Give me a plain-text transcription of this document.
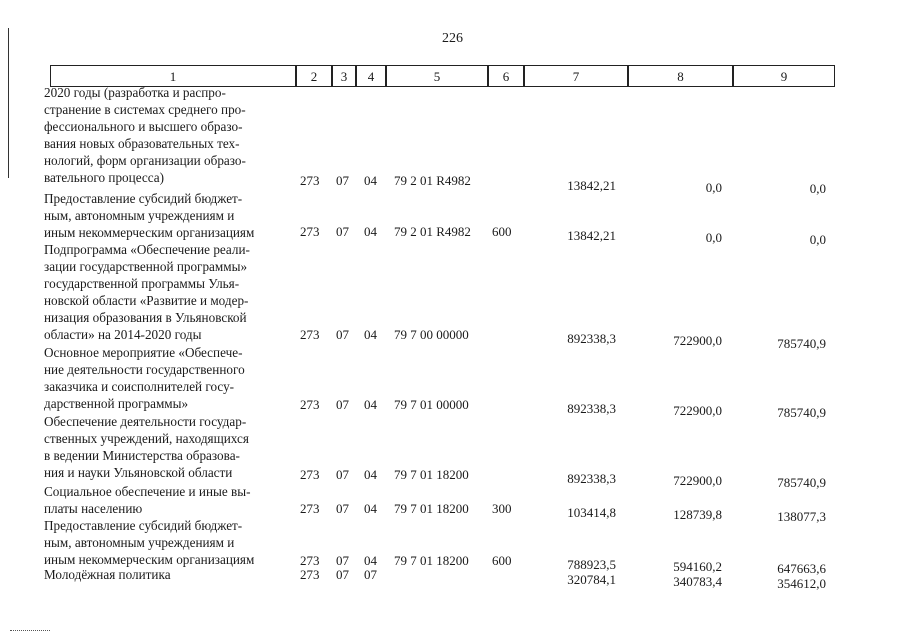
226
1	2	3	4	5	6	7	8	9
2020 годы (разработка и распро-
странение в системах среднего про-
фессионального и высшего образо-
вания новых образовательных тех-
нологий, форм организации образо-
вательного процесса)	273 07 04 79 2 01 R4982	13842,21	0,0	0,0
Предоставление субсидий бюджет-
ным, автономным учреждениям и
иным некоммерческим организациям	273 07 04 79 2 01 R4982 600	13842,21	0,0	0,0
Подпрограмма «Обеспечение реали-
зации государственной программы»
государственной программы Улья-
новской области «Развитие и модер-
низация образования в Ульяновской
области» на 2014-2020 годы	273 07 04 79 7 00 00000	892338,3	722900,0	785740,9
Основное мероприятие «Обеспече-
ние деятельности государственного
заказчика и соисполнителей госу-
дарственной программы»	273 07 04 79 7 01 00000	892338,3	722900,0	785740,9
Обеспечение деятельности государ-
ственных учреждений, находящихся
в ведении Министерства образова-
ния и науки Ульяновской области	273 07 04 79 7 01 18200	892338,3	722900,0	785740,9
Социальное обеспечение и иные вы-
платы населению	273 07 04 79 7 01 18200 300	103414,8	128739,8	138077,3
Предоставление субсидий бюджет-
ным, автономным учреждениям и
иным некоммерческим организациям	273 07 04 79 7 01 18200 600	788923,5	594160,2	647663,6
Молодёжная политика	273 07 07	320784,1	340783,4	354612,0
